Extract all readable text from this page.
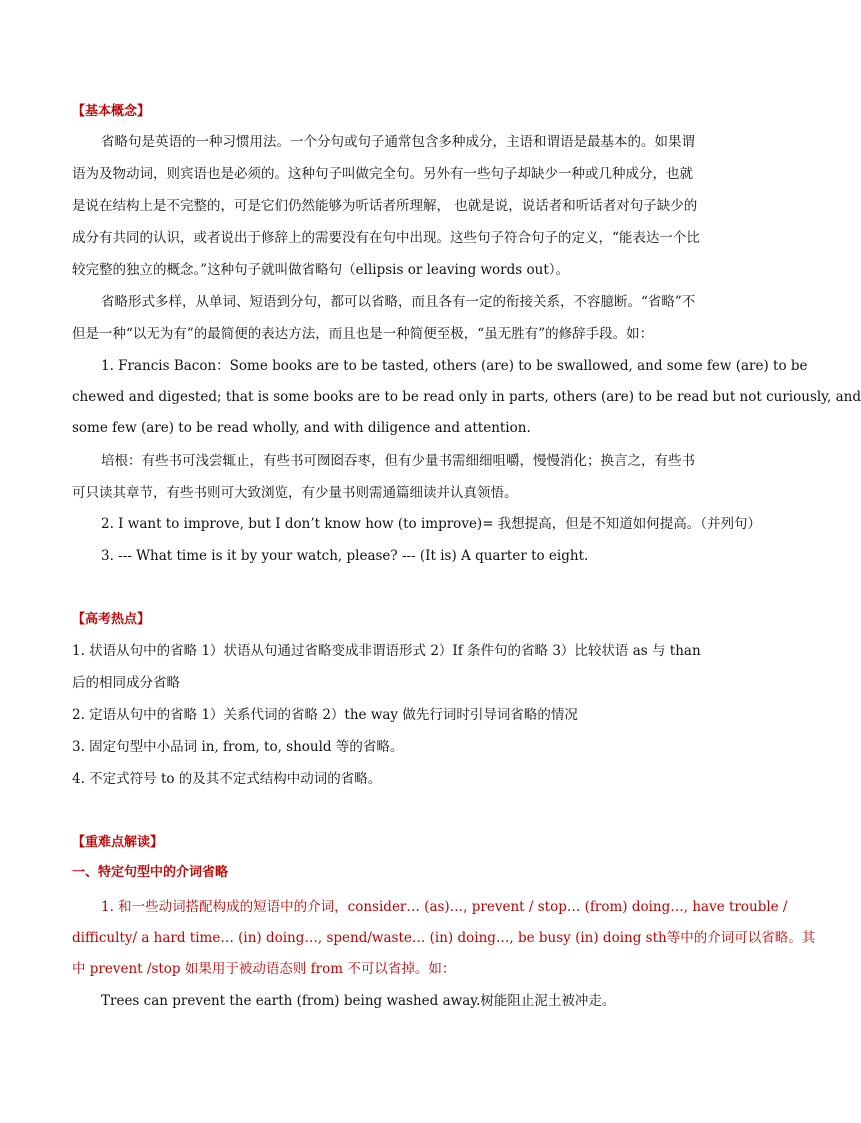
【基本概念】
省略句是英语的一种习惯用法。一个分句或句子通常包含多种成分，主语和谓语是最基本的。如果谓
语为及物动词，则宾语也是必须的。这种句子叫做完全句。另外有一些句子却缺少一种或几种成分，也就
是说在结构上是不完整的，可是它们仍然能够为听话者所理解， 也就是说，说话者和听话者对句子缺少的
成分有共同的认识，或者说出于修辞上的需要没有在句中出现。这些句子符合句子的定义，“能表达一个比
较完整的独立的概念。”这种句子就叫做省略句（ellipsis or leaving words out）。
省略形式多样，从单词、短语到分句，都可以省略，而且各有一定的衔接关系，不容臆断。“省略”不
但是一种“以无为有”的最简便的表达方法，而且也是一种简便至极，“虽无胜有”的修辞手段。如：
1. Francis Bacon：Some books are to be tasted, others (are) to be swallowed, and some few (are) to be
chewed and digested; that is some books are to be read only in parts, others (are) to be read but not curiously, and
some few (are) to be read wholly, and with diligence and attention.
培根：有些书可浅尝辄止，有些书可囫囵吞枣，但有少量书需细细咀嚼，慢慢消化；换言之，有些书
可只读其章节，有些书则可大致浏览，有少量书则需通篇细读并认真领悟。
2. I want to improve, but I don’t know how (to improve)= 我想提高，但是不知道如何提高。（并列句）
3. --- What time is it by your watch, please? --- (It is) A quarter to eight.
【高考热点】
1. 状语从句中的省略 1）状语从句通过省略变成非谓语形式 2）If 条件句的省略 3）比较状语 as 与 than
后的相同成分省略
2. 定语从句中的省略 1）关系代词的省略 2）the way 做先行词时引导词省略的情况
3. 固定句型中小品词 in, from, to, should 等的省略。
4. 不定式符号 to 的及其不定式结构中动词的省略。
【重难点解读】
一、特定句型中的介词省略
1. 和一些动词搭配构成的短语中的介词，consider… (as)…, prevent / stop… (from) doing…, have trouble /
difficulty/ a hard time… (in) doing…, spend/waste… (in) doing…, be busy (in) doing sth等中的介词可以省略。其
中 prevent /stop 如果用于被动语态则 from 不可以省掉。如：
Trees can prevent the earth (from) being washed away.树能阻止泥土被冲走。
